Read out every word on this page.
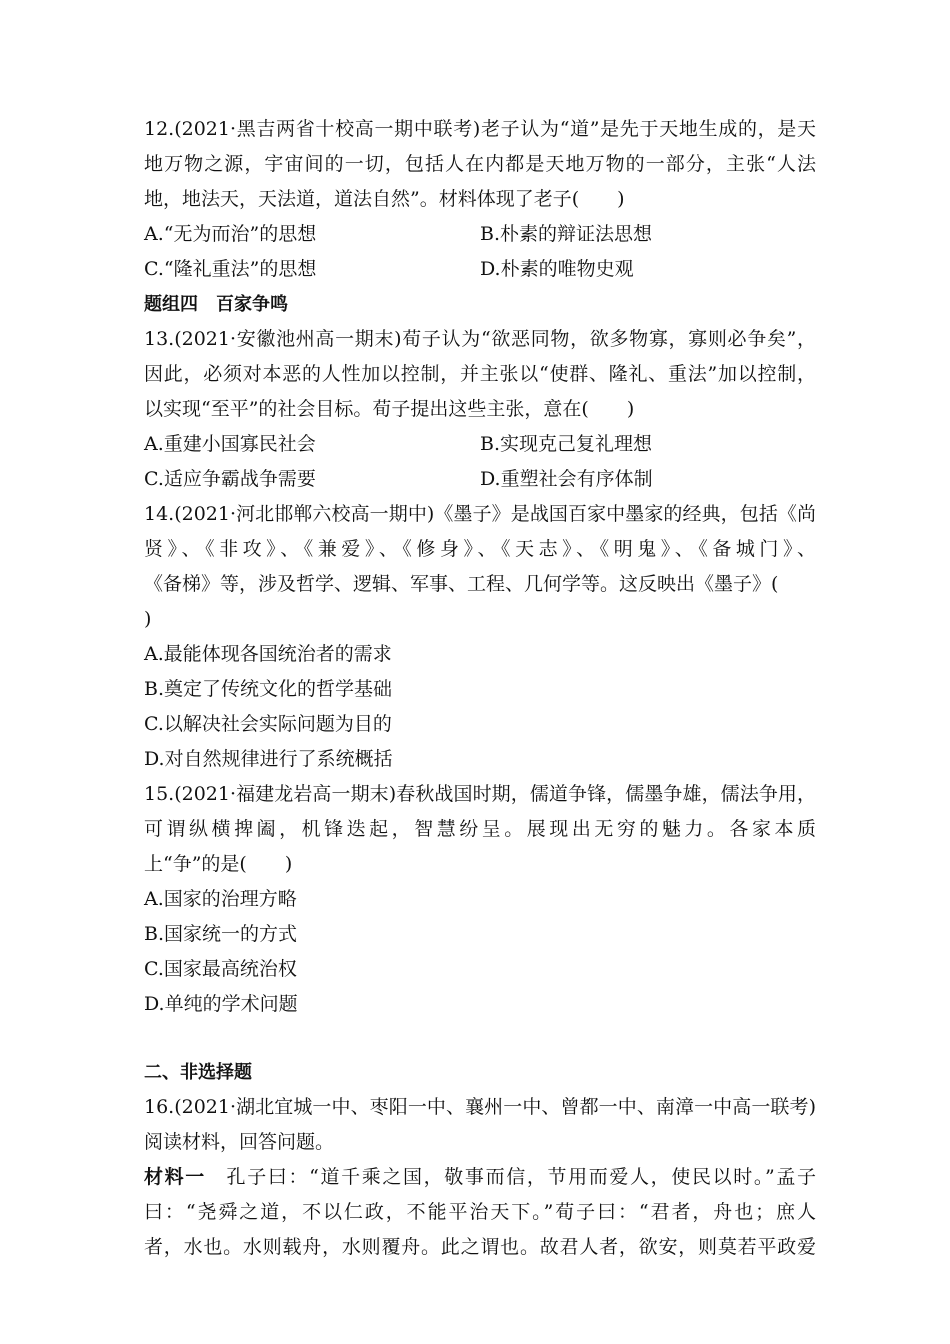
12.(2021·黑吉两省十校高一期中联考)老子认为“道”是先于天地生成的，是天
地万物之源，宇宙间的一切，包括人在内都是天地万物的一部分，主张“人法
地，地法天，天法道，道法自然”。材料体现了老子(　　)
A.“无为而治”的思想	B.朴素的辩证法思想
C.“隆礼重法”的思想	D.朴素的唯物史观
题组四　百家争鸣
13.(2021·安徽池州高一期末)荀子认为“欲恶同物，欲多物寡，寡则必争矣”，
因此，必须对本恶的人性加以控制，并主张以“使群、隆礼、重法”加以控制，
以实现“至平”的社会目标。荀子提出这些主张，意在(　　)
A.重建小国寡民社会	B.实现克己复礼理想
C.适应争霸战争需要	D.重塑社会有序体制
14.(2021·河北邯郸六校高一期中)《墨子》是战国百家中墨家的经典，包括《尚
贤》、《非攻》、《兼爱》、《修身》、《天志》、《明鬼》、《备城门》、
《备梯》等，涉及哲学、逻辑、军事、工程、几何学等。这反映出《墨子》(
)
A.最能体现各国统治者的需求
B.奠定了传统文化的哲学基础
C.以解决社会实际问题为目的
D.对自然规律进行了系统概括
15.(2021·福建龙岩高一期末)春秋战国时期，儒道争锋，儒墨争雄，儒法争用，
可谓纵横捭阖，机锋迭起，智慧纷呈。展现出无穷的魅力。各家本质
上“争”的是(　　)
A.国家的治理方略
B.国家统一的方式
C.国家最高统治权
D.单纯的学术问题
二、非选择题
16.(2021·湖北宜城一中、枣阳一中、襄州一中、曾都一中、南漳一中高一联考)
阅读材料，回答问题。
材料一　孔子曰：“道千乘之国，敬事而信，节用而爱人，使民以时。”孟子
曰：“尧舜之道，不以仁政，不能平治天下。”荀子曰：“君者，舟也；庶人
者，水也。水则载舟，水则覆舟。此之谓也。故君人者，欲安，则莫若平政爱
